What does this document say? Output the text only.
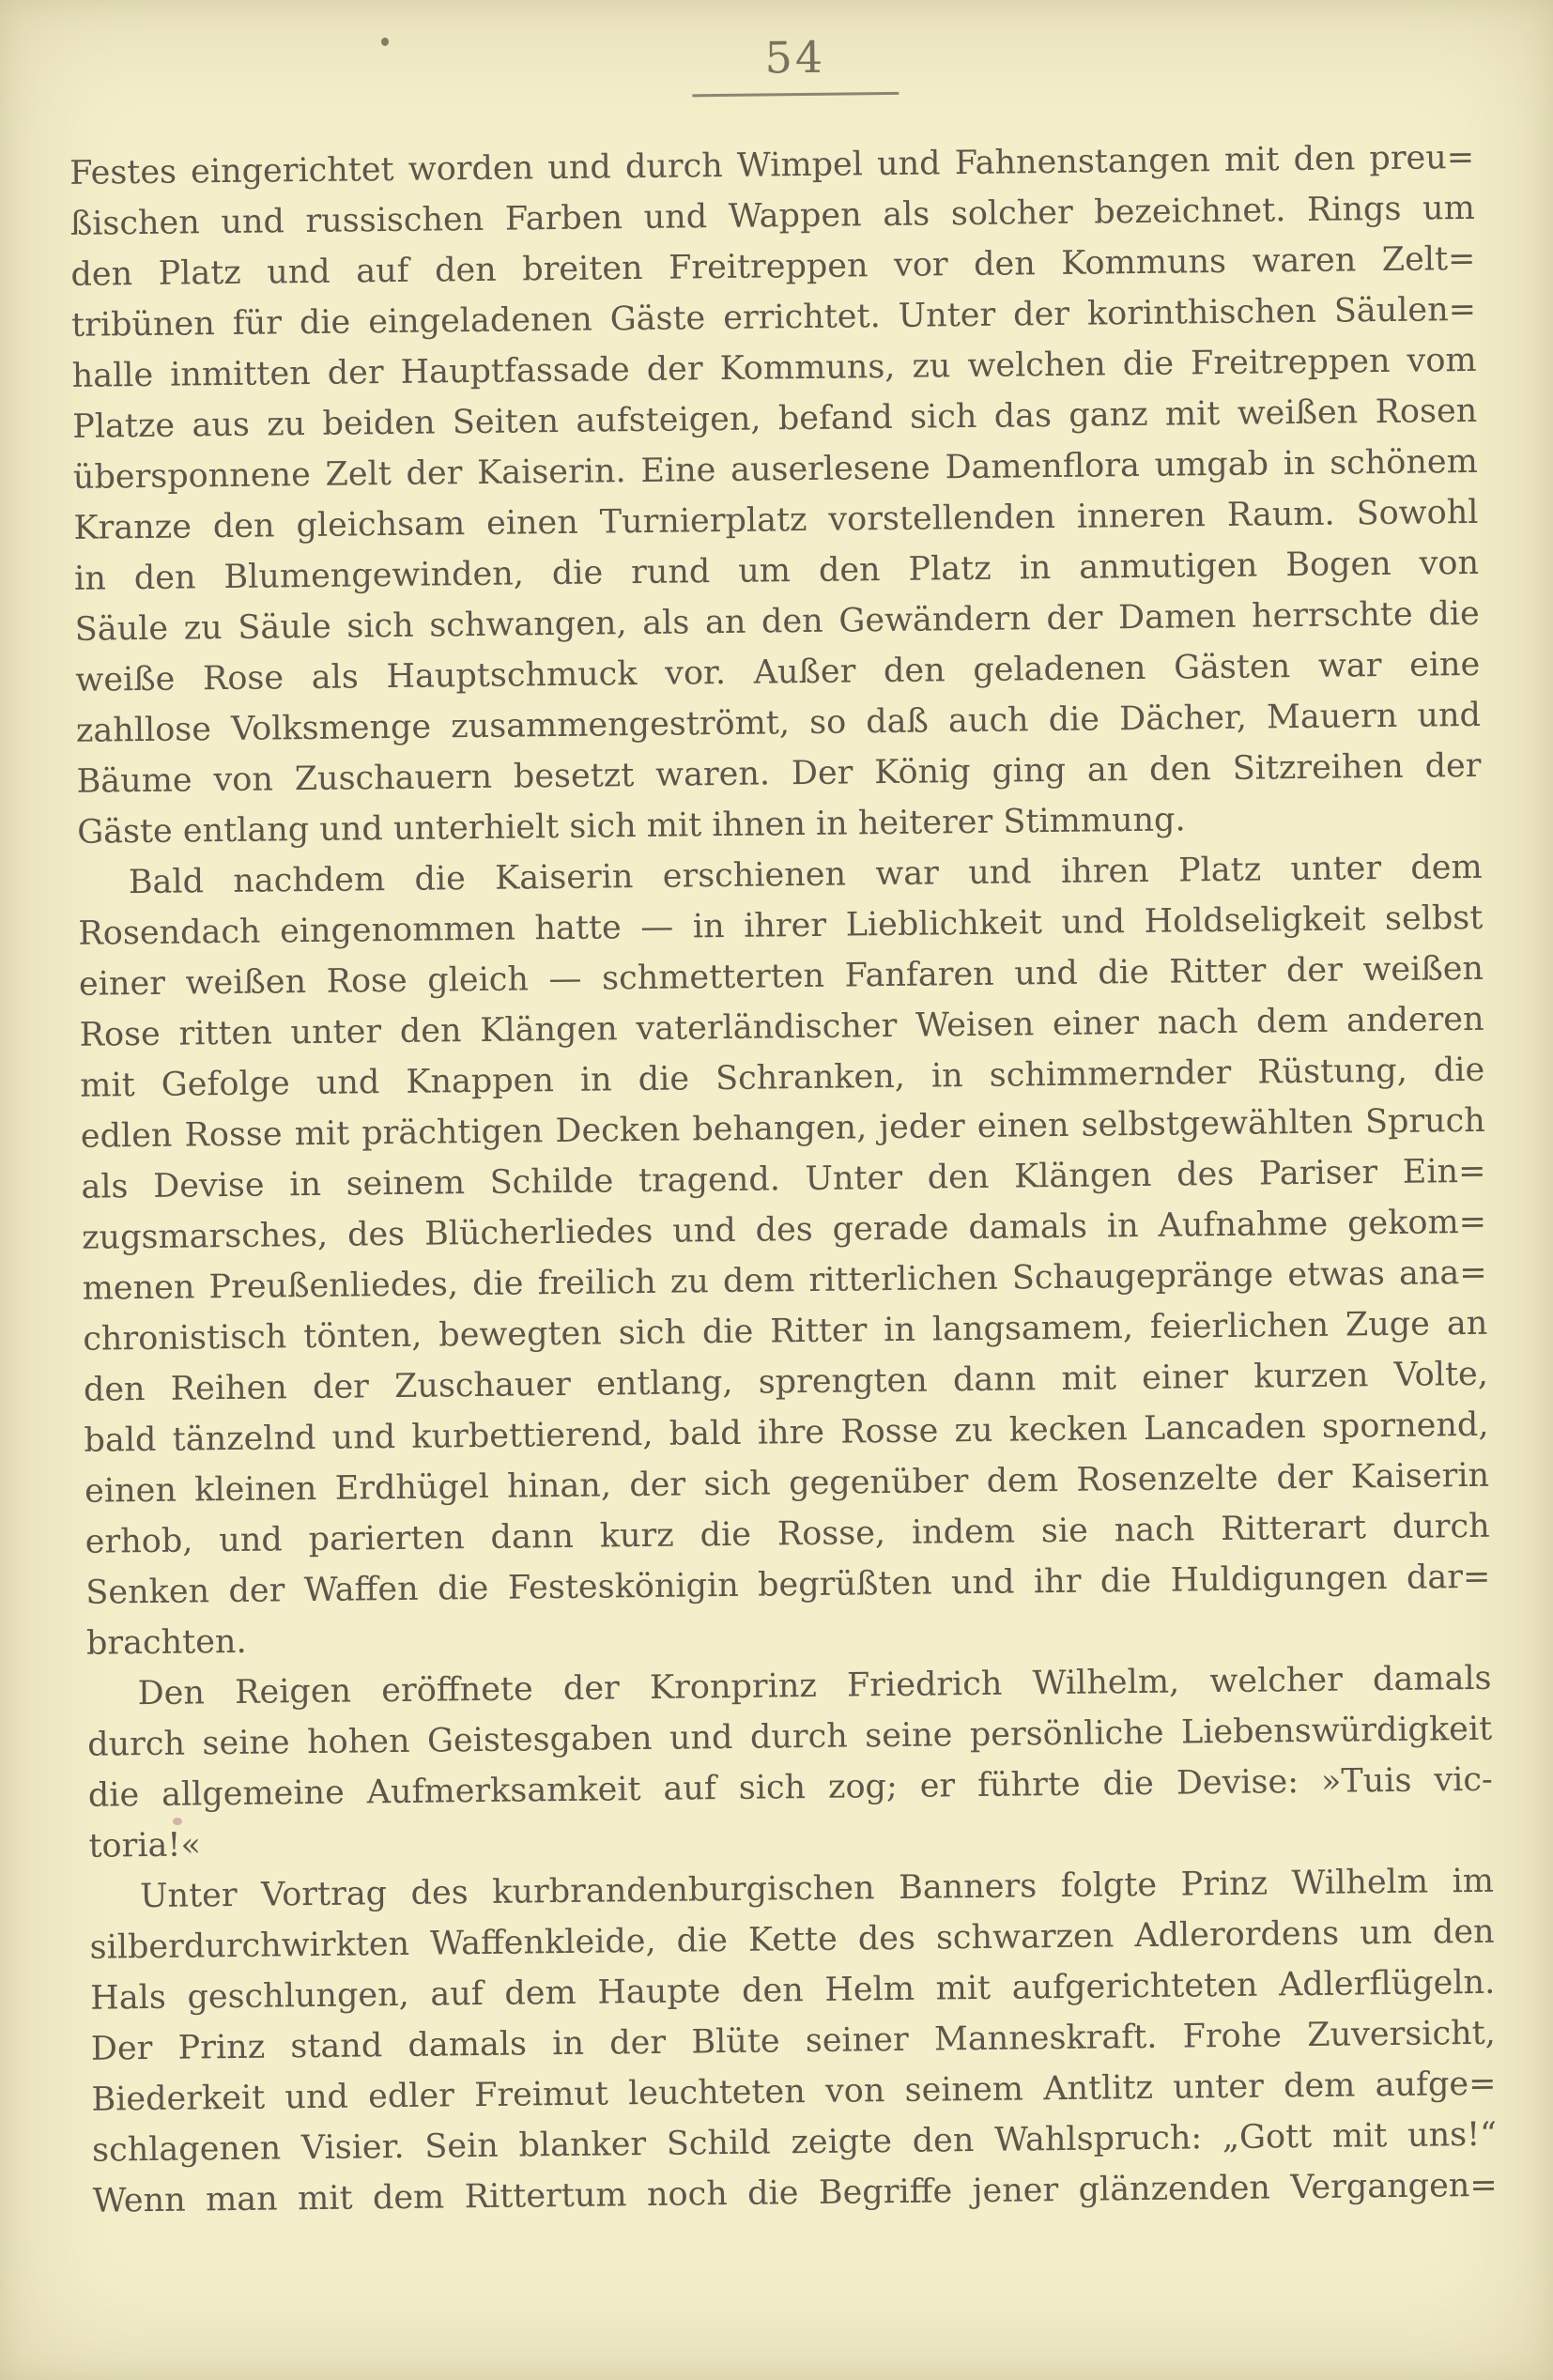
54
Festes eingerichtet worden und durch Wimpel und Fahnenstangen mit den preu=
ßischen und russischen Farben und Wappen als solcher bezeichnet. Rings um
den Platz und auf den breiten Freitreppen vor den Kommuns waren Zelt=
tribünen für die eingeladenen Gäste errichtet. Unter der korinthischen Säulen=
halle inmitten der Hauptfassade der Kommuns, zu welchen die Freitreppen vom
Platze aus zu beiden Seiten aufsteigen, befand sich das ganz mit weißen Rosen
übersponnene Zelt der Kaiserin. Eine auserlesene Damenflora umgab in schönem
Kranze den gleichsam einen Turnierplatz vorstellenden inneren Raum. Sowohl
in den Blumengewinden, die rund um den Platz in anmutigen Bogen von
Säule zu Säule sich schwangen, als an den Gewändern der Damen herrschte die
weiße Rose als Hauptschmuck vor. Außer den geladenen Gästen war eine
zahllose Volksmenge zusammengeströmt, so daß auch die Dächer, Mauern und
Bäume von Zuschauern besetzt waren. Der König ging an den Sitzreihen der
Gäste entlang und unterhielt sich mit ihnen in heiterer Stimmung.
Bald nachdem die Kaiserin erschienen war und ihren Platz unter dem
Rosendach eingenommen hatte — in ihrer Lieblichkeit und Holdseligkeit selbst
einer weißen Rose gleich — schmetterten Fanfaren und die Ritter der weißen
Rose ritten unter den Klängen vaterländischer Weisen einer nach dem anderen
mit Gefolge und Knappen in die Schranken, in schimmernder Rüstung, die
edlen Rosse mit prächtigen Decken behangen, jeder einen selbstgewählten Spruch
als Devise in seinem Schilde tragend. Unter den Klängen des Pariser Ein=
zugsmarsches, des Blücherliedes und des gerade damals in Aufnahme gekom=
menen Preußenliedes, die freilich zu dem ritterlichen Schaugepränge etwas ana=
chronistisch tönten, bewegten sich die Ritter in langsamem, feierlichen Zuge an
den Reihen der Zuschauer entlang, sprengten dann mit einer kurzen Volte,
bald tänzelnd und kurbettierend, bald ihre Rosse zu kecken Lancaden spornend,
einen kleinen Erdhügel hinan, der sich gegenüber dem Rosenzelte der Kaiserin
erhob, und parierten dann kurz die Rosse, indem sie nach Ritterart durch
Senken der Waffen die Festeskönigin begrüßten und ihr die Huldigungen dar=
brachten.
Den Reigen eröffnete der Kronprinz Friedrich Wilhelm, welcher damals
durch seine hohen Geistesgaben und durch seine persönliche Liebenswürdigkeit
die allgemeine Aufmerksamkeit auf sich zog; er führte die Devise: »Tuis vic-
toria!«
Unter Vortrag des kurbrandenburgischen Banners folgte Prinz Wilhelm im
silberdurchwirkten Waffenkleide, die Kette des schwarzen Adlerordens um den
Hals geschlungen, auf dem Haupte den Helm mit aufgerichteten Adlerflügeln.
Der Prinz stand damals in der Blüte seiner Manneskraft. Frohe Zuversicht,
Biederkeit und edler Freimut leuchteten von seinem Antlitz unter dem aufge=
schlagenen Visier. Sein blanker Schild zeigte den Wahlspruch: „Gott mit uns!“
Wenn man mit dem Rittertum noch die Begriffe jener glänzenden Vergangen=
